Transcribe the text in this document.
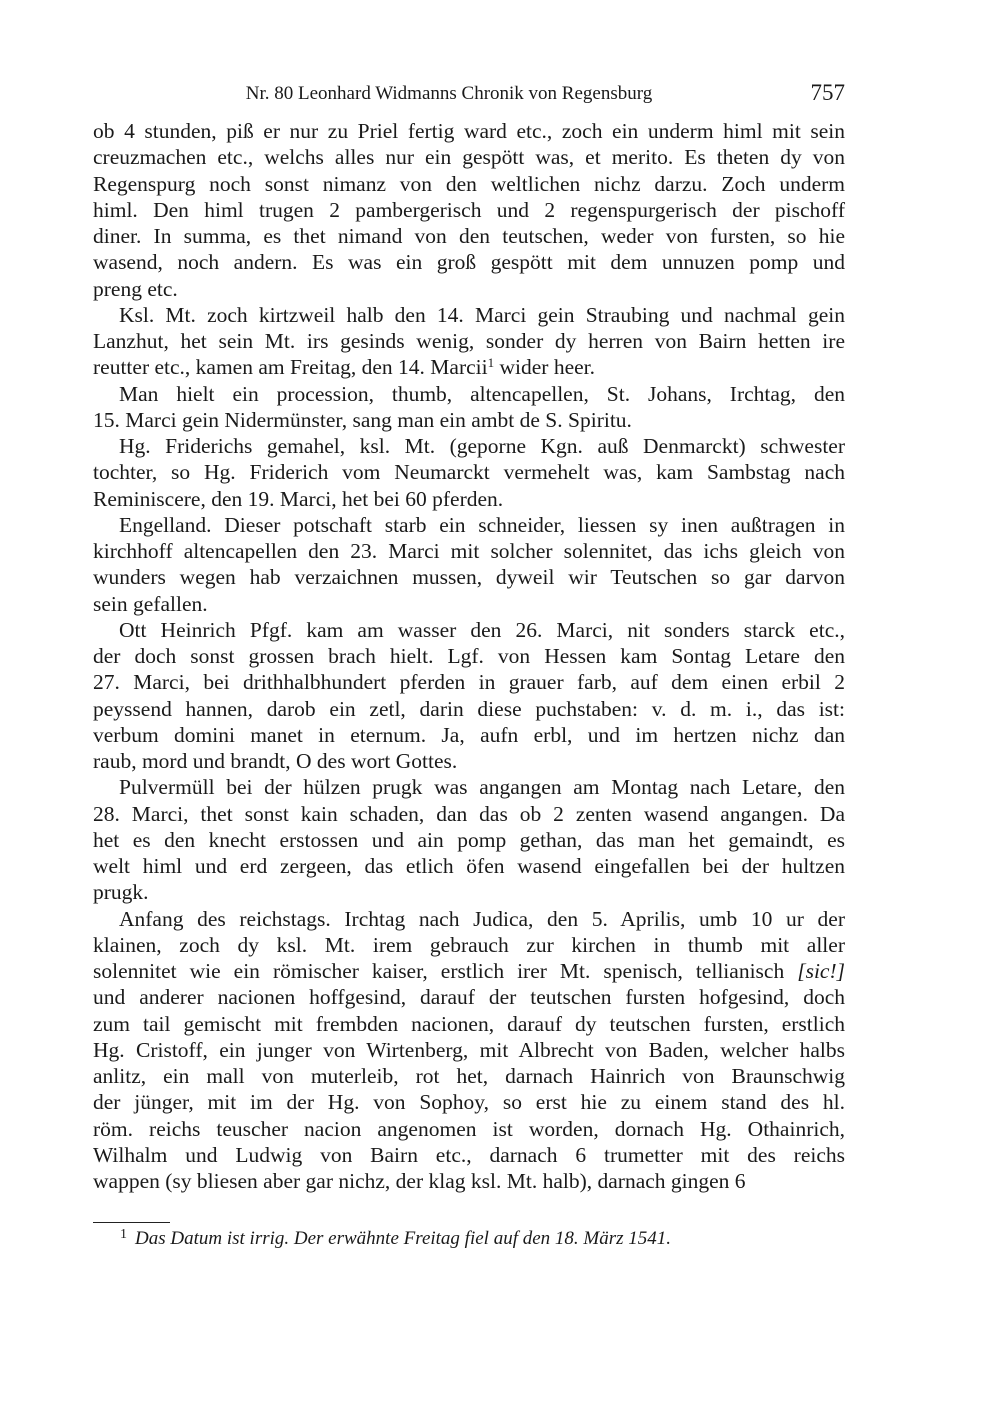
Nr. 80 Leonhard Widmanns Chronik von Regensburg	757
ob 4 stunden, piß er nur zu Priel fertig ward etc., zoch ein underm himl mit sein
creuzmachen etc., welchs alles nur ein gespött was, et merito. Es theten dy von
Regenspurg noch sonst nimanz von den weltlichen nichz darzu. Zoch underm
himl. Den himl trugen 2 pambergerisch und 2 regenspurgerisch der pischoff
diner. In summa, es thet nimand von den teutschen, weder von fursten, so hie
wasend, noch andern. Es was ein groß gespött mit dem unnuzen pomp und
preng etc.
Ksl. Mt. zoch kirtzweil halb den 14. Marci gein Straubing und nachmal gein
Lanzhut, het sein Mt. irs gesinds wenig, sonder dy herren von Bairn hetten ire
reutter etc., kamen am Freitag, den 14. Marcii$^1$ wider heer.
Man hielt ein procession, thumb, altencapellen, St. Johans, Irchtag, den
15. Marci gein Nidermünster, sang man ein ambt de S. Spiritu.
Hg. Friderichs gemahel, ksl. Mt. (geporne Kgn. auß Denmarckt) schwester
tochter, so Hg. Friderich vom Neumarckt vermehelt was, kam Sambstag nach
Reminiscere, den 19. Marci, het bei 60 pferden.
Engelland. Dieser potschaft starb ein schneider, liessen sy inen außtragen in
kirchhoff altencapellen den 23. Marci mit solcher solennitet, das ichs gleich von
wunders wegen hab verzaichnen mussen, dyweil wir Teutschen so gar darvon
sein gefallen.
Ott Heinrich Pfgf. kam am wasser den 26. Marci, nit sonders starck etc.,
der doch sonst grossen brach hielt. Lgf. von Hessen kam Sontag Letare den
27. Marci, bei drithhalbhundert pferden in grauer farb, auf dem einen erbil 2
peyssend hannen, darob ein zetl, darin diese puchstaben: v. d. m. i., das ist:
verbum domini manet in eternum. Ja, aufn erbl, und im hertzen nichz dan
raub, mord und brandt, O des wort Gottes.
Pulvermüll bei der hülzen prugk was angangen am Montag nach Letare, den
28. Marci, thet sonst kain schaden, dan das ob 2 zenten wasend angangen. Da
het es den knecht erstossen und ain pomp gethan, das man het gemaindt, es
welt himl und erd zergeen, das etlich öfen wasend eingefallen bei der hultzen
prugk.
Anfang des reichstags. Irchtag nach Judica, den 5. Aprilis, umb 10 ur der
klainen, zoch dy ksl. Mt. irem gebrauch zur kirchen in thumb mit aller
solennitet wie ein römischer kaiser, erstlich irer Mt. spenisch, tellianisch [sic!]
und anderer nacionen hoffgesind, darauf der teutschen fursten hofgesind, doch
zum tail gemischt mit frembden nacionen, darauf dy teutschen fursten, erstlich
Hg. Cristoff, ein junger von Wirtenberg, mit Albrecht von Baden, welcher halbs
anlitz, ein mall von muterleib, rot het, darnach Hainrich von Braunschwig
der jünger, mit im der Hg. von Sophoy, so erst hie zu einem stand des hl.
röm. reichs teuscher nacion angenomen ist worden, dornach Hg. Othainrich,
Wilhalm und Ludwig von Bairn etc., darnach 6 trumetter mit des reichs
wappen (sy bliesen aber gar nichz, der klag ksl. Mt. halb), darnach gingen 6
$^1$ Das Datum ist irrig. Der erwähnte Freitag fiel auf den 18. März 1541.
